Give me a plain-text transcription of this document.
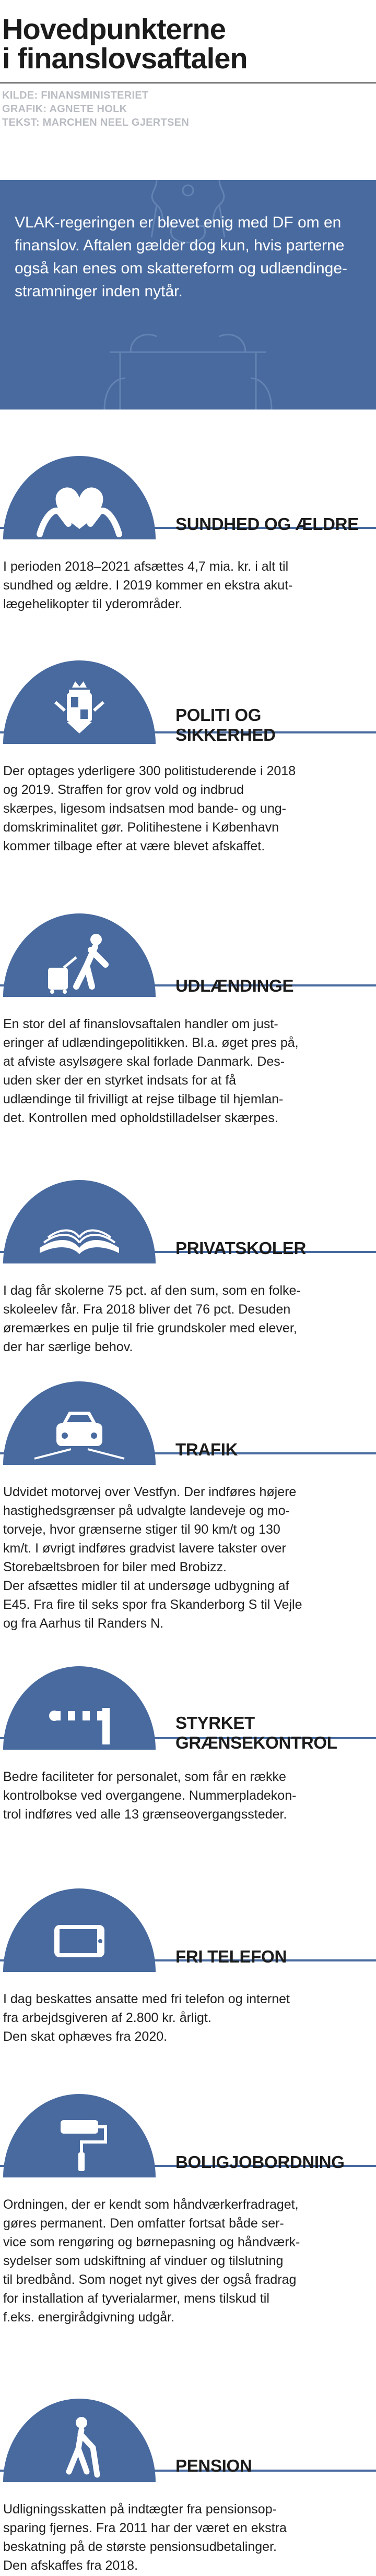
Hovedpunkterne
i finanslovsaftalen
KILDE: FINANSMINISTERIET
GRAFIK: AGNETE HOLK
TEKST: MARCHEN NEEL GJERTSEN
VLAK-regeringen er blevet enig med DF om en finanslov. Aftalen gælder dog kun, hvis parterne også kan enes om skattereform og udlændinge-stramninger inden nytår.
SUNDHED OG ÆLDRE
I perioden 2018–2021 afsættes 4,7 mia. kr. i alt til
sundhed og ældre. I 2019 kommer en ekstra akut-
lægehelikopter til yderområder.
POLITI OG SIKKERHED
Der optages yderligere 300 politistuderende i 2018
og 2019. Straffen for grov vold og indbrud
skærpes, ligesom indsatsen mod bande- og ung-
domskriminalitet gør. Politihestene i København
kommer tilbage efter at være blevet afskaffet.
UDLÆNDINGE
En stor del af finanslovsaftalen handler om just-
eringer af udlændingepolitikken. Bl.a. øget pres på,
at afviste asylsøgere skal forlade Danmark. Des-
uden sker der en styrket indsats for at få
udlændinge til frivilligt at rejse tilbage til hjemlan-
det. Kontrollen med opholdstilladelser skærpes.
PRIVATSKOLER
I dag får skolerne 75 pct. af den sum, som en folke-
skoleelev får. Fra 2018 bliver det 76 pct. Desuden
øremærkes en pulje til frie grundskoler med elever,
der har særlige behov.
TRAFIK
Udvidet motorvej over Vestfyn. Der indføres højere
hastighedsgrænser på udvalgte landeveje og mo-
torveje, hvor grænserne stiger til 90 km/t og 130
km/t. I øvrigt indføres gradvist lavere takster over
Storebæltsbroen for biler med Brobizz.
Der afsættes midler til at undersøge udbygning af
E45. Fra fire til seks spor fra Skanderborg S til Vejle
og fra Aarhus til Randers N.
STYRKET GRÆNSEKONTROL
Bedre faciliteter for personalet, som får en række
kontrolbokse ved overgangene. Nummerpladekon-
trol indføres ved alle 13 grænseovergangssteder.
FRI TELEFON
I dag beskattes ansatte med fri telefon og internet
fra arbejdsgiveren af 2.800 kr. årligt.
Den skat ophæves fra 2020.
BOLIGJOBORDNING
Ordningen, der er kendt som håndværkerfradraget,
gøres permanent. Den omfatter fortsat både ser-
vice som rengøring og børnepasning og håndværk-
sydelser som udskiftning af vinduer og tilslutning
til bredbånd. Som noget nyt gives der også fradrag
for installation af tyverialarmer, mens tilskud til
f.eks. energirådgivning udgår.
PENSION
Udligningsskatten på indtægter fra pensionsop-
sparing fjernes. Fra 2011 har der været en ekstra
beskatning på de største pensionsudbetalinger.
Den afskaffes fra 2018.
